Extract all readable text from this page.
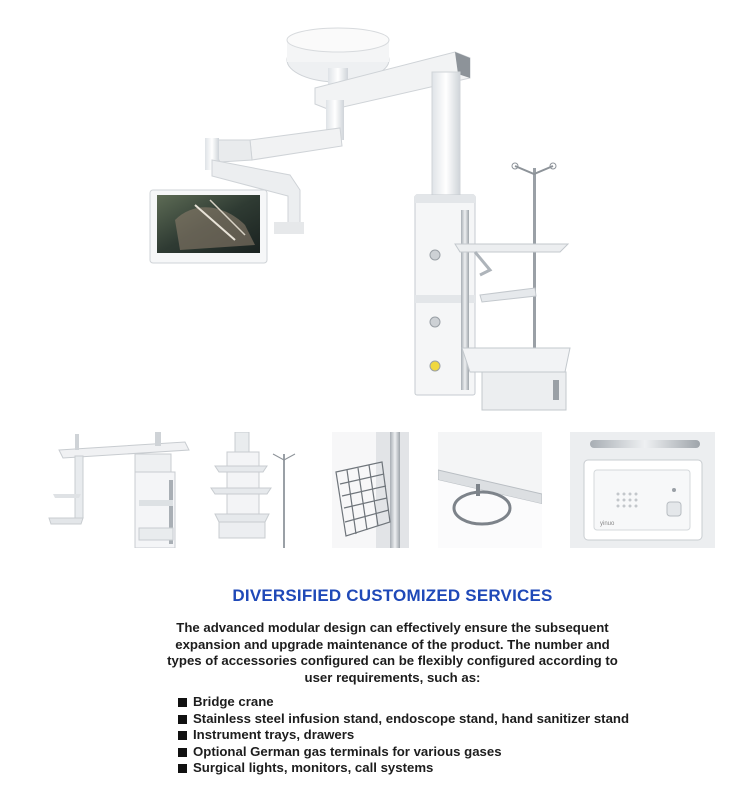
yinuo
DIVERSIFIED CUSTOMIZED SERVICES
The advanced modular design can effectively ensure the subsequent expansion and upgrade maintenance of the product. The number and types of accessories configured can be flexibly configured according to user requirements, such as:
Bridge crane
Stainless steel infusion stand, endoscope stand, hand sanitizer stand
Instrument trays, drawers
Optional German gas terminals for various gases
Surgical lights, monitors, call systems
